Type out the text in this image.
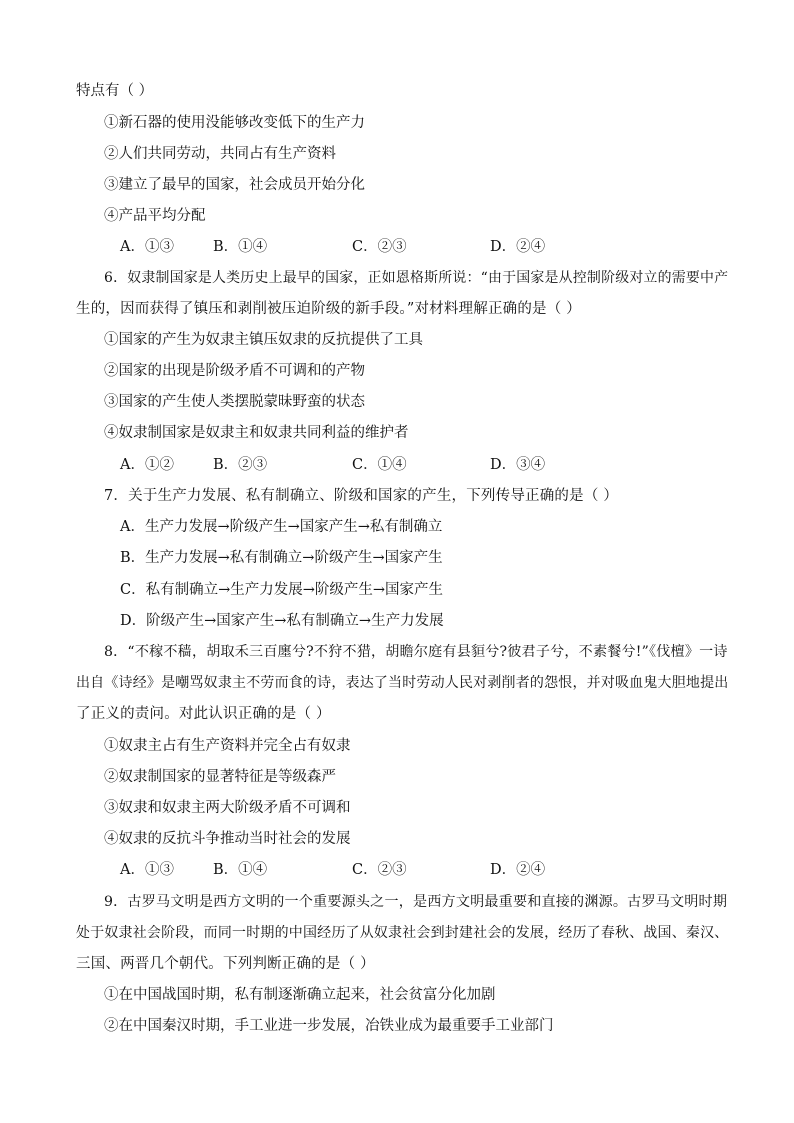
特点有（ ）
①新石器的使用没能够改变低下的生产力
②人们共同劳动，共同占有生产资料
③建立了最早的国家，社会成员开始分化
④产品平均分配
A．①③	B．①④	C．②③	D．②④
6．奴隶制国家是人类历史上最早的国家，正如恩格斯所说：“由于国家是从控制阶级对立的需要中产
生的，因而获得了镇压和剥削被压迫阶级的新手段。”对材料理解正确的是（ ）
①国家的产生为奴隶主镇压奴隶的反抗提供了工具
②国家的出现是阶级矛盾不可调和的产物
③国家的产生使人类摆脱蒙昧野蛮的状态
④奴隶制国家是奴隶主和奴隶共同利益的维护者
A．①②	B．②③	C．①④	D．③④
7．关于生产力发展、私有制确立、阶级和国家的产生，下列传导正确的是（ ）
A．生产力发展→阶级产生→国家产生→私有制确立
B．生产力发展→私有制确立→阶级产生→国家产生
C．私有制确立→生产力发展→阶级产生→国家产生
D．阶级产生→国家产生→私有制确立→生产力发展
8．“不稼不穑，胡取禾三百廛兮?不狩不猎，胡瞻尔庭有县貆兮?彼君子兮，不素餐兮!”《伐檀》一诗
出自《诗经》是嘲骂奴隶主不劳而食的诗，表达了当时劳动人民对剥削者的怨恨，并对吸血鬼大胆地提出
了正义的责问。对此认识正确的是（ ）
①奴隶主占有生产资料并完全占有奴隶
②奴隶制国家的显著特征是等级森严
③奴隶和奴隶主两大阶级矛盾不可调和
④奴隶的反抗斗争推动当时社会的发展
A．①③	B．①④	C．②③	D．②④
9．古罗马文明是西方文明的一个重要源头之一，是西方文明最重要和直接的渊源。古罗马文明时期
处于奴隶社会阶段，而同一时期的中国经历了从奴隶社会到封建社会的发展，经历了春秋、战国、秦汉、
三国、两晋几个朝代。下列判断正确的是（ ）
①在中国战国时期，私有制逐渐确立起来，社会贫富分化加剧
②在中国秦汉时期，手工业进一步发展，冶铁业成为最重要手工业部门
